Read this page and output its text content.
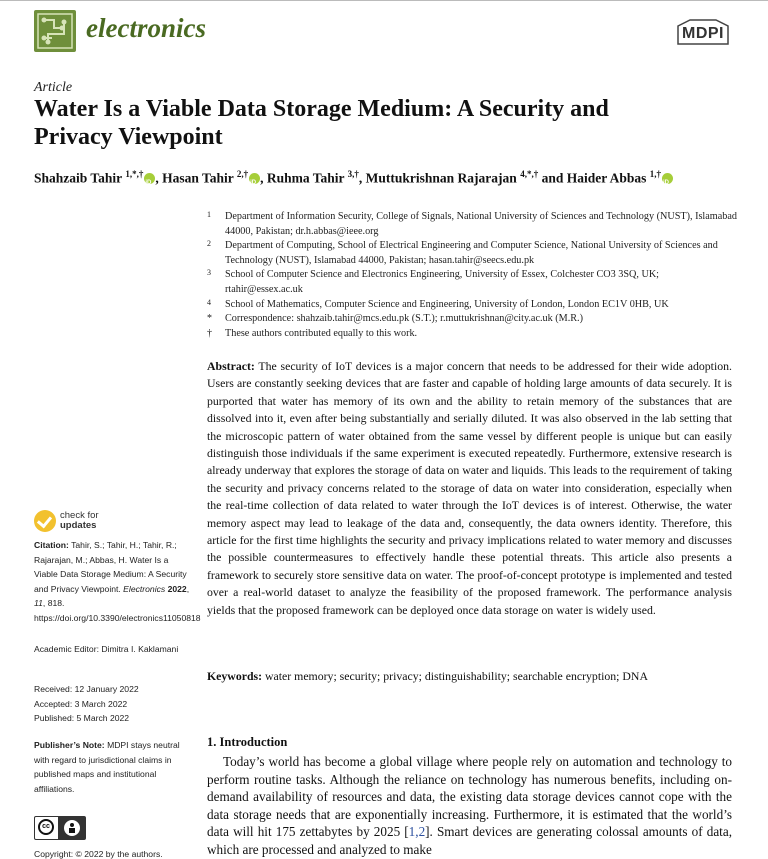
electronics	MDPI
Article
Water Is a Viable Data Storage Medium: A Security and
Privacy Viewpoint
Shahzaib Tahir $^{1,*,\dagger}$ iD , Hasan Tahir $^{2,\dagger}$ iD , Ruhma Tahir $^{3,\dagger}$, Muttukrishnan Rajarajan $^{4,*,\dagger}$ and Haider Abbas $^{1,\dagger}$iD
1 Department of Information Security, College of Signals, National University of Sciences and Technology (NUST), Islamabad 44000, Pakistan; dr.h.abbas@ieee.org
2 Department of Computing, School of Electrical Engineering and Computer Science, National University of Sciences and Technology (NUST), Islamabad 44000, Pakistan; hasan.tahir@seecs.edu.pk
3 School of Computer Science and Electronics Engineering, University of Essex, Colchester CO3 3SQ, UK; rtahir@essex.ac.uk
4 School of Mathematics, Computer Science and Engineering, University of London, London EC1V 0HB, UK
* Correspondence: shahzaib.tahir@mcs.edu.pk (S.T.); r.muttukrishnan@city.ac.uk (M.R.)
† These authors contributed equally to this work.
Abstract: The security of IoT devices is a major concern that needs to be addressed for their wide adoption. Users are constantly seeking devices that are faster and capable of holding large amounts of data securely. It is purported that water has memory of its own and the ability to retain memory of the substances that are dissolved into it, even after being substantially and serially diluted. It was also observed in the lab setting that the microscopic pattern of water obtained from the same vessel by different people is unique but can easily distinguish those individuals if the same experiment is executed repeatedly. Furthermore, extensive research is already underway that explores the storage of data on water and liquids. This leads to the requirement of taking the security and privacy concerns related to the storage of data on water into consideration, especially when the real-time collection of data related to water through the IoT devices is of interest. Otherwise, the water memory aspect may lead to leakage of the data and, consequently, the data owners identity. Therefore, this article for the first time highlights the security and privacy implications related to water memory and discusses the possible countermeasures to effectively handle these potential threats. This article also presents a framework to securely store sensitive data on water. The proof-of-concept prototype is implemented and tested over a real-world dataset to analyze the feasibility of the proposed framework. The performance analysis yields that the proposed framework can be deployed once data storage on water is widely used.
Keywords: water memory; security; privacy; distinguishability; searchable encryption; DNA
1. Introduction
Today’s world has become a global village where people rely on automation and technology to perform routine tasks. Although the reliance on technology has numerous benefits, including on-demand availability of resources and data, the existing data storage devices cannot cope with the data storage needs that are exponentially increasing. Furthermore, it is estimated that the world’s data will hit 175 zettabytes by 2025 [1,2]. Smart devices are generating colossal amounts of data, which are processed and analyzed to make
check for
updates
Citation: Tahir, S.; Tahir, H.; Tahir, R.; Rajarajan, M.; Abbas, H. Water Is a Viable Data Storage Medium: A Security and Privacy Viewpoint. Electronics 2022, 11, 818. https://doi.org/10.3390/electronics11050818
Academic Editor: Dimitra I. Kaklamani
Received: 12 January 2022
Accepted: 3 March 2022
Published: 5 March 2022
Publisher’s Note: MDPI stays neutral with regard to jurisdictional claims in published maps and institutional affiliations.
cc
Copyright: © 2022 by the authors.
